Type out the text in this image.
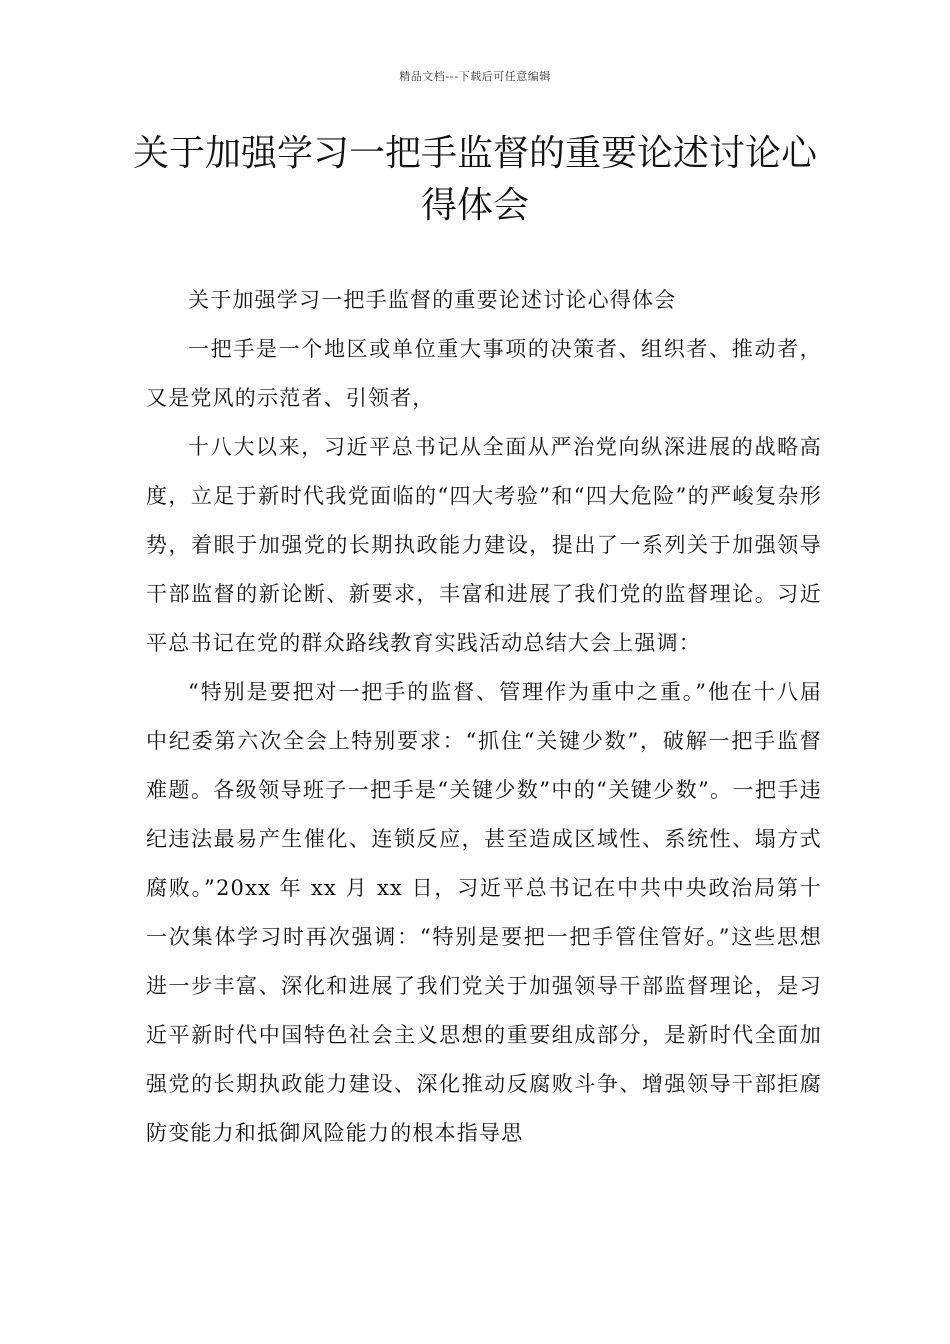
精品文档---下载后可任意编辑
关于加强学习一把手监督的重要论述讨论心得体会

关于加强学习一把手监督的重要论述讨论心得体会

一把手是一个地区或单位重大事项的决策者、组织者、推动者，又是党风的示范者、引领者，

十八大以来，习近平总书记从全面从严治党向纵深进展的战略高度，立足于新时代我党面临的“四大考验”和“四大危险”的严峻复杂形势，着眼于加强党的长期执政能力建设，提出了一系列关于加强领导干部监督的新论断、新要求，丰富和进展了我们党的监督理论。习近平总书记在党的群众路线教育实践活动总结大会上强调：

“特别是要把对一把手的监督、管理作为重中之重。”他在十八届中纪委第六次全会上特别要求：“抓住“关键少数”，破解一把手监督难题。各级领导班子一把手是“关键少数”中的“关键少数”。一把手违纪违法最易产生催化、连锁反应，甚至造成区域性、系统性、塌方式腐败。”20xx 年 xx 月 xx 日，习近平总书记在中共中央政治局第十一次集体学习时再次强调：“特别是要把一把手管住管好。”这些思想进一步丰富、深化和进展了我们党关于加强领导干部监督理论，是习近平新时代中国特色社会主义思想的重要组成部分，是新时代全面加强党的长期执政能力建设、深化推动反腐败斗争、增强领导干部拒腐防变能力和抵御风险能力的根本指导思
